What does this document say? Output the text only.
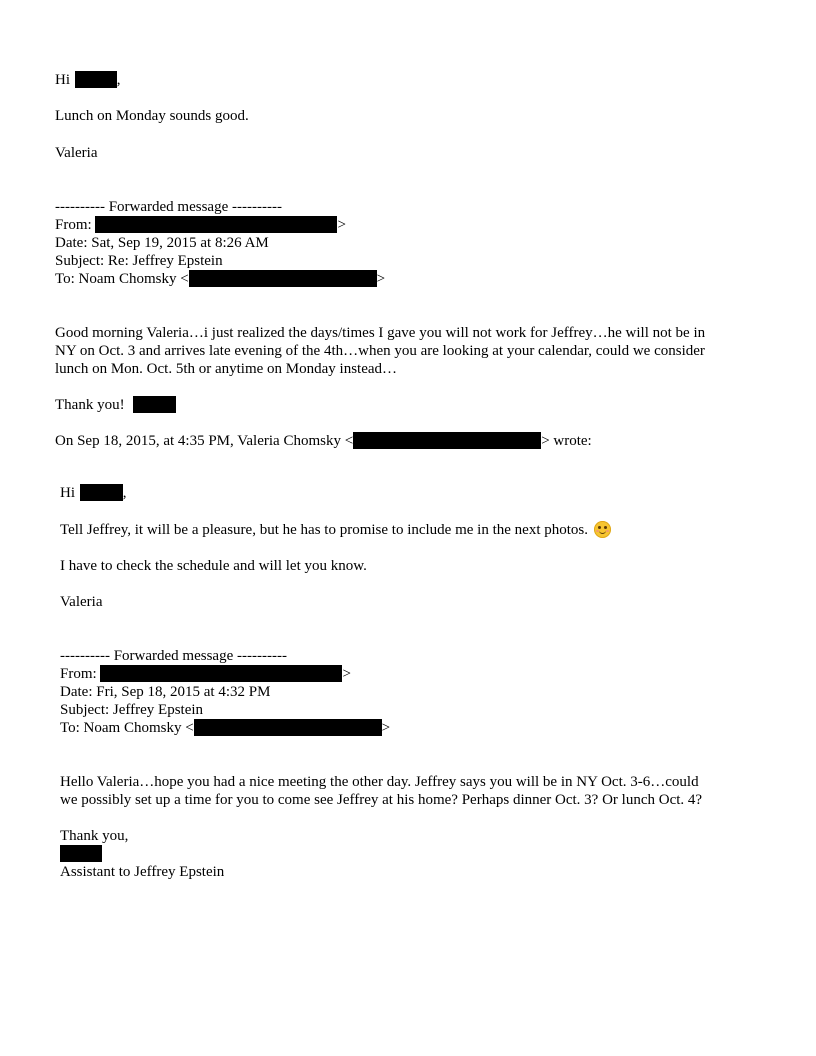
Hi	,
Lunch on Monday sounds good.
Valeria
---------- Forwarded message ----------
From:	>
Date: Sat, Sep 19, 2015 at 8:26 AM
Subject: Re: Jeffrey Epstein
To: Noam Chomsky <	>
Good morning Valeria…i just realized the days/times I gave you will not work for Jeffrey…he will not be in
NY on Oct. 3 and arrives late evening of the 4th…when you are looking at your calendar, could we consider
lunch on Mon. Oct. 5th or anytime on Monday instead…
Thank you!
On Sep 18, 2015, at 4:35 PM, Valeria Chomsky <	> wrote:
Hi	,
Tell Jeffrey, it will be a pleasure, but he has to promise to include me in the next photos.
I have to check the schedule and will let you know.
Valeria
---------- Forwarded message ----------
From:	>
Date: Fri, Sep 18, 2015 at 4:32 PM
Subject: Jeffrey Epstein
To: Noam Chomsky <	>
Hello Valeria…hope you had a nice meeting the other day. Jeffrey says you will be in NY Oct. 3-6…could
we possibly set up a time for you to come see Jeffrey at his home? Perhaps dinner Oct. 3? Or lunch Oct. 4?
Thank you,
Assistant to Jeffrey Epstein
